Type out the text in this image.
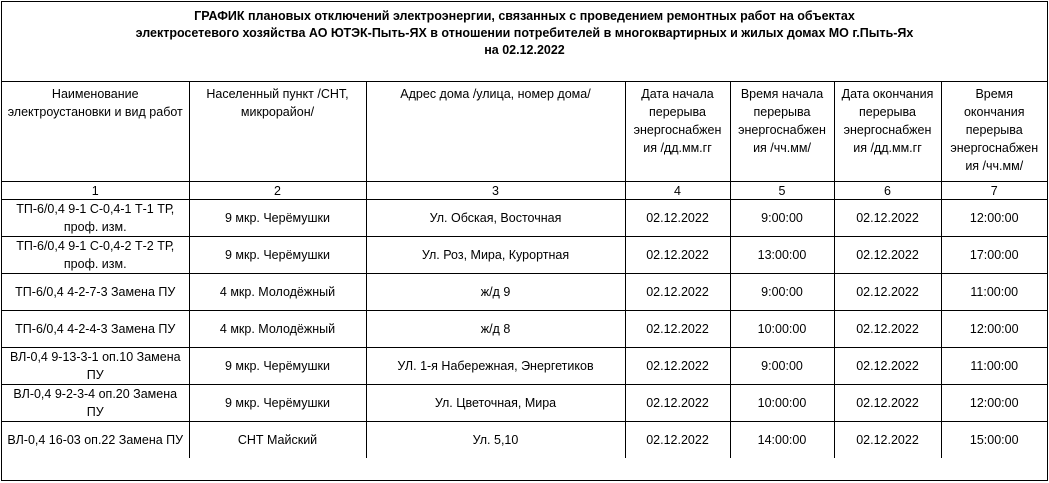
ГРАФИК плановых отключений электроэнергии, связанных с проведением ремонтных работ на объектах
электросетевого хозяйства АО ЮТЭК-Пыть-ЯХ в отношении потребителей в многоквартирных и жилых домах МО г.Пыть-Ях
на 02.12.2022
Наименование электроустановки и вид работ	Населенный пункт /СНТ, микрорайон/	Адрес дома /улица, номер дома/	Дата начала перерыва энергоснабжен ия /дд.мм.гг	Время начала перерыва энергоснабжен ия /чч.мм/	Дата окончания перерыва энергоснабжен ия /дд.мм.гг	Время окончания перерыва энергоснабжен ия /чч.мм/
1	2	3	4	5	6	7
ТП-6/0,4 9-1 С-0,4-1 Т-1 ТР, проф. изм.	9 мкр. Черёмушки	Ул. Обская, Восточная	02.12.2022	9:00:00	02.12.2022	12:00:00
ТП-6/0,4 9-1 С-0,4-2 Т-2 ТР, проф. изм.	9 мкр. Черёмушки	Ул. Роз, Мира, Курортная	02.12.2022	13:00:00	02.12.2022	17:00:00
ТП-6/0,4 4-2-7-3 Замена ПУ	4 мкр. Молодёжный	ж/д 9	02.12.2022	9:00:00	02.12.2022	11:00:00
ТП-6/0,4 4-2-4-3 Замена ПУ	4 мкр. Молодёжный	ж/д 8	02.12.2022	10:00:00	02.12.2022	12:00:00
ВЛ-0,4 9-13-3-1 оп.10 Замена ПУ	9 мкр. Черёмушки	УЛ. 1-я Набережная, Энергетиков	02.12.2022	9:00:00	02.12.2022	11:00:00
ВЛ-0,4 9-2-3-4 оп.20 Замена ПУ	9 мкр. Черёмушки	Ул. Цветочная, Мира	02.12.2022	10:00:00	02.12.2022	12:00:00
ВЛ-0,4 16-03 оп.22 Замена ПУ	СНТ Майский	Ул. 5,10	02.12.2022	14:00:00	02.12.2022	15:00:00
